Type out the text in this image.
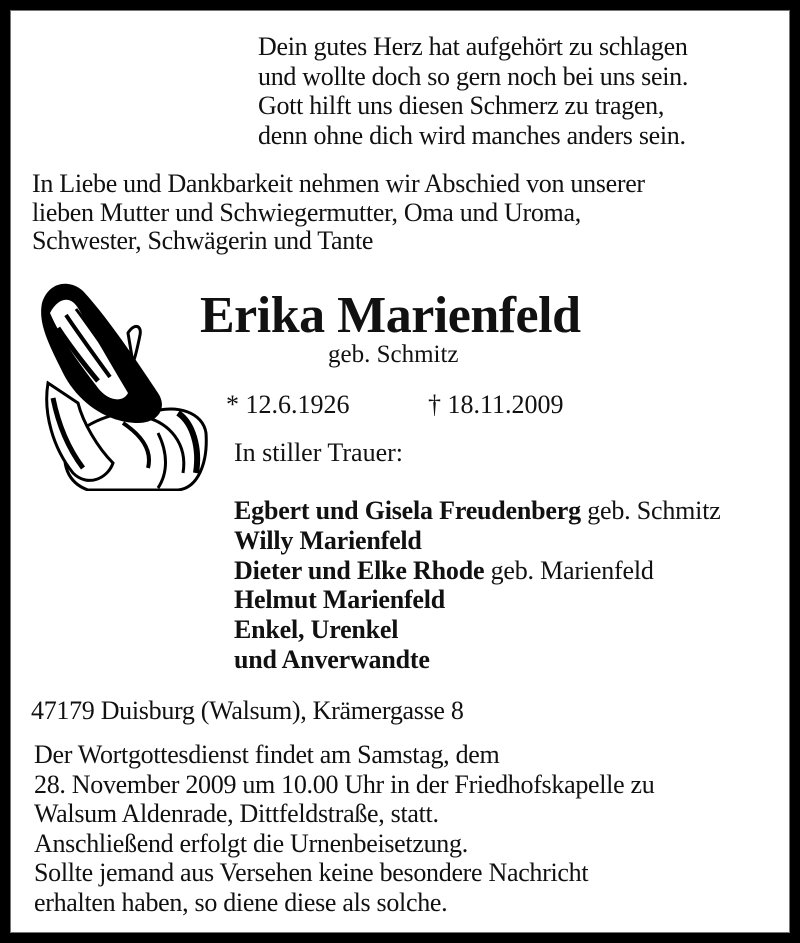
Dein gutes Herz hat aufgehört zu schlagen
und wollte doch so gern noch bei uns sein.
Gott hilft uns diesen Schmerz zu tragen,
denn ohne dich wird manches anders sein.
In Liebe und Dankbarkeit nehmen wir Abschied von unserer
lieben Mutter und Schwiegermutter, Oma und Uroma,
Schwester, Schwägerin und Tante
Erika Marienfeld
geb. Schmitz
* 12.6.1926	† 18.11.2009
In stiller Trauer:
Egbert und Gisela Freudenberg geb. Schmitz
Willy Marienfeld
Dieter und Elke Rhode geb. Marienfeld
Helmut Marienfeld
Enkel, Urenkel
und Anverwandte
47179 Duisburg (Walsum), Krämergasse 8
Der Wortgottesdienst findet am Samstag, dem
28. November 2009 um 10.00 Uhr in der Friedhofskapelle zu
Walsum Aldenrade, Dittfeldstraße, statt.
Anschließend erfolgt die Urnenbeisetzung.
Sollte jemand aus Versehen keine besondere Nachricht
erhalten haben, so diene diese als solche.
